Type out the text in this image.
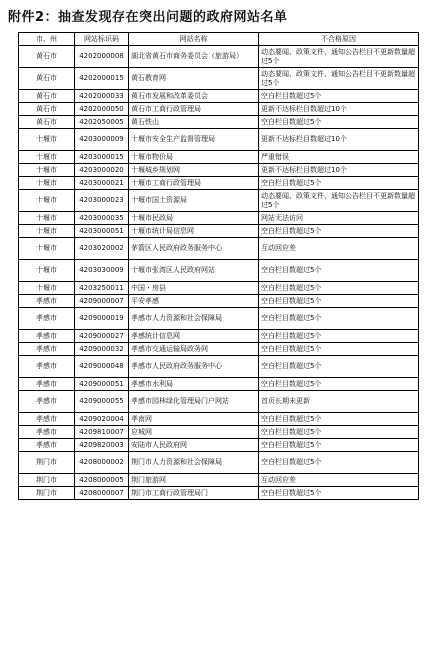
附件2：抽查发现存在突出问题的政府网站名单
市、州	网站标识码	网站名称	不合格原因
黄石市	4202000008	湖北省黄石市商务委员会（旅游局）	动态要闻、政策文件、通知公告栏目不更新数量超过5个
黄石市	4202000015	黄石教育网	动态要闻、政策文件、通知公告栏目不更新数量超过5个
黄石市	4202000033	黄石市发展和改革委员会	空白栏目数超过5个
黄石市	4202000050	黄石市工商行政管理局	更新不达标栏目数超过10个
黄石市	4202050005	黄石铁山	空白栏目数超过5个
十堰市	4203000009	十堰市安全生产监督管理局	更新不达标栏目数超过10个
十堰市	4203000015	十堰市物价局	严重错误
十堰市	4203000020	十堰城乡规划网	更新不达标栏目数超过10个
十堰市	4203000021	十堰市工商行政管理局	空白栏目数超过5个
十堰市	4203000023	十堰市国土资源局	动态要闻、政策文件、通知公告栏目不更新数量超过5个
十堰市	4203000035	十堰市民政局	网站无法访问
十堰市	4203000051	十堰市统计局信息网	空白栏目数超过5个
十堰市	4203020002	茅箭区人民政府政务服务中心	互动回应差
十堰市	4203030009	十堰市张湾区人民政府网站	空白栏目数超过5个
十堰市	4203250011	中国・房县	空白栏目数超过5个
孝感市	4209000007	平安孝感	空白栏目数超过5个
孝感市	4209000019	孝感市人力资源和社会保障局	空白栏目数超过5个
孝感市	4209000027	孝感统计信息网	空白栏目数超过5个
孝感市	4209000032	孝感市交通运输局政务网	空白栏目数超过5个
孝感市	4209000048	孝感市人民政府政务服务中心	空白栏目数超过5个
孝感市	4209000051	孝感市水利局	空白栏目数超过5个
孝感市	4209000055	孝感市园林绿化管理局门户网站	首页长期未更新
孝感市	4209020004	孝南网	空白栏目数超过5个
孝感市	4209810007	应城网	空白栏目数超过5个
孝感市	4209820003	安陆市人民政府网	空白栏目数超过5个
荆门市	4208000002	荆门市人力资源和社会保障局	空白栏目数超过5个
荆门市	4208000005	荆门旅游网	互动回应差
荆门市	4208000007	荆门市工商行政管理局门	空白栏目数超过5个
